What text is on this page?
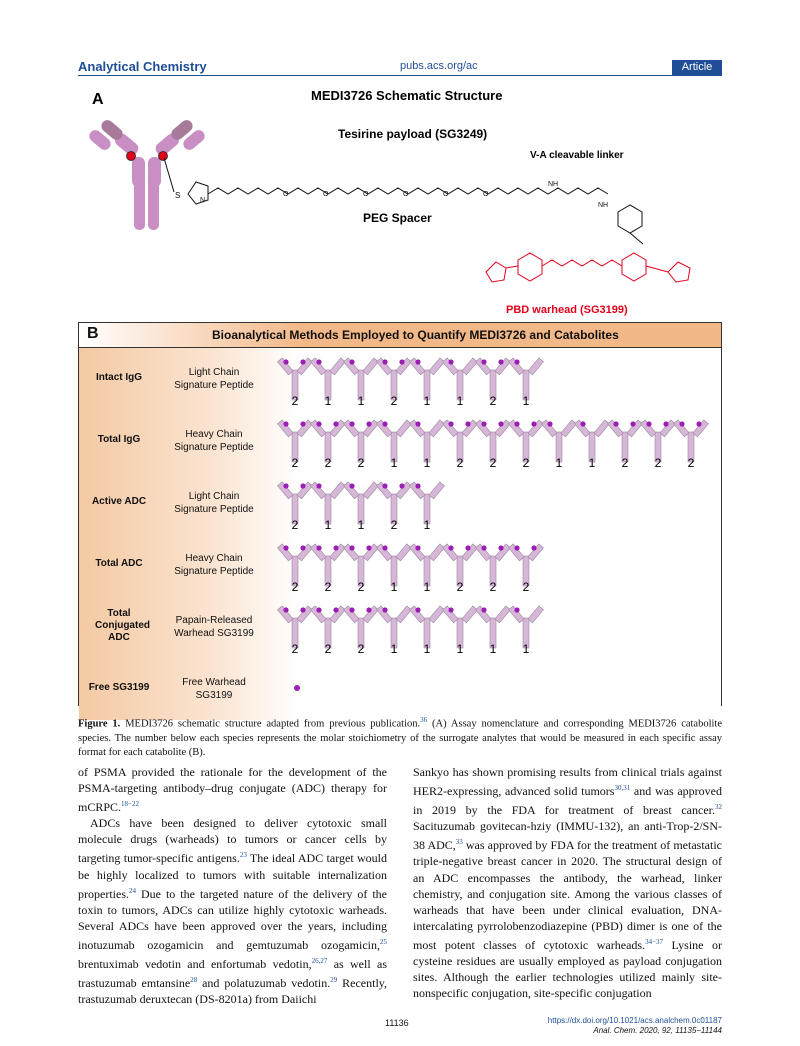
Analytical Chemistry	pubs.acs.org/ac	Article
A	MEDI3726 Schematic Structure
Tesirine payload (SG3249)
V-A cleavable linker
PEG Spacer
PBD warhead (SG3199)
S
N
O	O	O	O	O	O
NH
NH
B	Bioanalytical Methods Employed to Quantify MEDI3726 and Catabolites
Intact IgG	Light Chain
Signature Peptide
2 1 1 2 1 1 2 1
Total IgG	Heavy Chain
Signature Peptide
2 2 2 1 1 2 2 2 1 1 2 2 2
Active ADC	Light Chain
Signature Peptide
2 1 1 2 1
Total ADC	Heavy Chain
Signature Peptide
2 2 2 1 1 2 2 2
Total Conjugated ADC
Papain-Released
Warhead SG3199
2 2 2 1 1 1 1 1
Free SG3199	Free Warhead
SG3199
Figure 1. MEDI3726 schematic structure adapted from previous publication.$^{36}$ (A) Assay nomenclature and corresponding MEDI3726 catabolite species. The number below each species represents the molar stoichiometry of the surrogate analytes that would be measured in each specific assay format for each catabolite (B).

of PSMA provided the rationale for the development of the PSMA-targeting antibody–drug conjugate (ADC) therapy for mCRPC.$^{18-22}$

ADCs have been designed to deliver cytotoxic small molecule drugs (warheads) to tumors or cancer cells by targeting tumor-specific antigens.$^{23}$ The ideal ADC target would be highly localized to tumors with suitable internalization properties.$^{24}$ Due to the targeted nature of the delivery of the toxin to tumors, ADCs can utilize highly cytotoxic warheads. Several ADCs have been approved over the years, including inotuzumab ozogamicin and gemtuzumab ozogamicin,$^{25}$ brentuximab vedotin and enfortumab vedotin,$^{26,27}$ as well as trastuzumab emtansine$^{28}$ and polatuzumab vedotin.$^{29}$ Recently, trastuzumab deruxtecan (DS-8201a) from Daiichi

Sankyo has shown promising results from clinical trials against HER2-expressing, advanced solid tumors$^{30,31}$ and was approved in 2019 by the FDA for treatment of breast cancer.$^{32}$ Sacituzumab govitecan-hziy (IMMU-132), an anti-Trop-2/SN-38 ADC,$^{33}$ was approved by FDA for the treatment of metastatic triple-negative breast cancer in 2020. The structural design of an ADC encompasses the antibody, the warhead, linker chemistry, and conjugation site. Among the various classes of warheads that have been under clinical evaluation, DNA-intercalating pyrrolobenzodiazepine (PBD) dimer is one of the most potent classes of cytotoxic warheads.$^{34-37}$ Lysine or cysteine residues are usually employed as payload conjugation sites. Although the earlier technologies utilized mainly site-nonspecific conjugation, site-specific conjugation

11136	https://dx.doi.org/10.1021/acs.analchem.0c01187
Anal. Chem. 2020, 92, 11135−11144
